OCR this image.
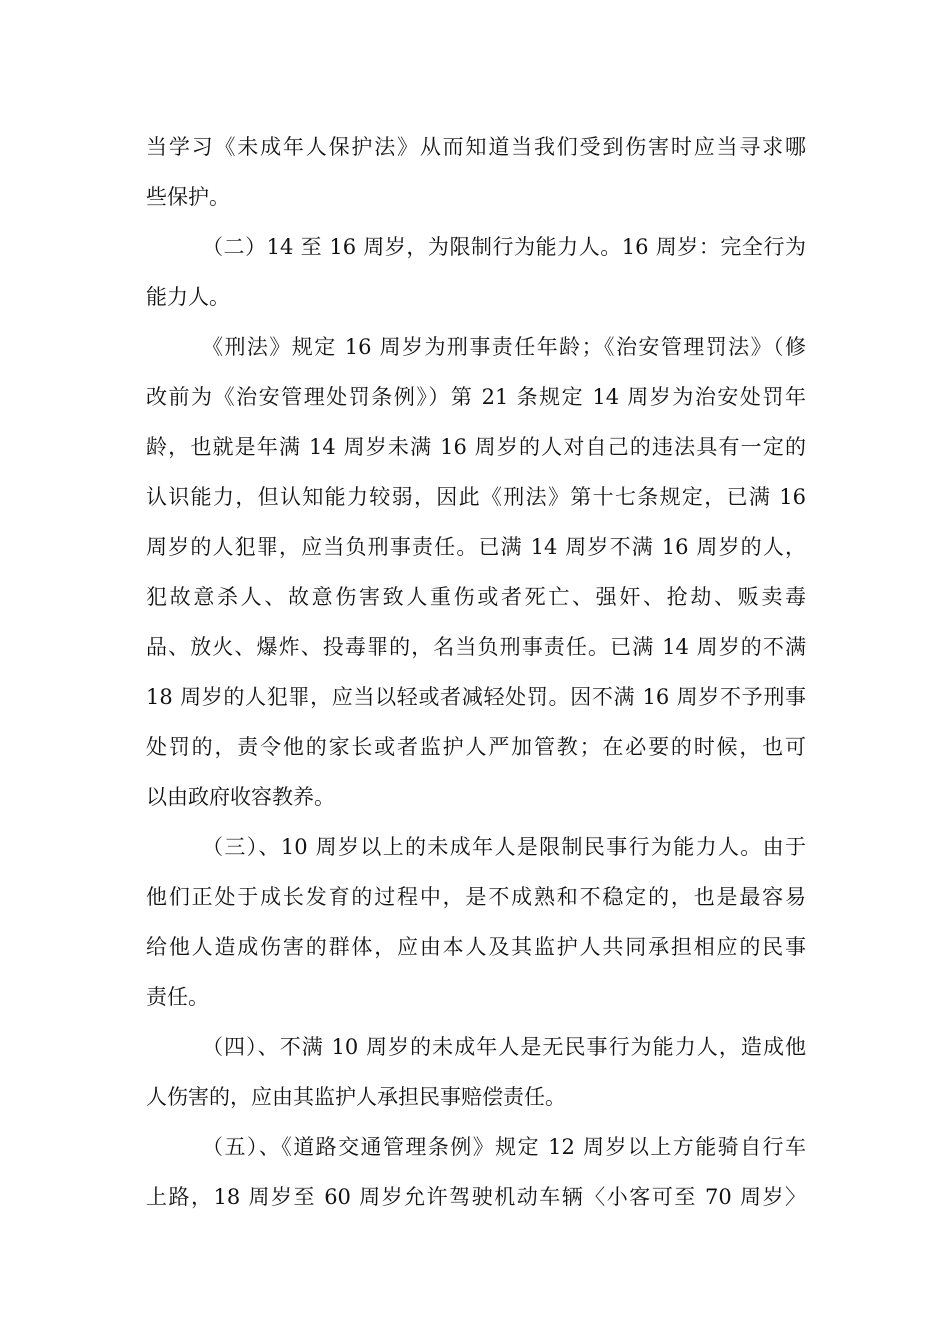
当学习《未成年人保护法》从而知道当我们受到伤害时应当寻求哪
些保护。
（二）14 至 16 周岁，为限制行为能力人。16 周岁：完全行为
能力人。
《刑法》规定 16 周岁为刑事责任年龄；《治安管理罚法》（修
改前为《治安管理处罚条例》）第 21 条规定 14 周岁为治安处罚年
龄，也就是年满 14 周岁未满 16 周岁的人对自己的违法具有一定的
认识能力，但认知能力较弱，因此《刑法》第十七条规定，已满 16
周岁的人犯罪，应当负刑事责任。已满 14 周岁不满 16 周岁的人，
犯故意杀人、故意伤害致人重伤或者死亡、强奸、抢劫、贩卖毒
品、放火、爆炸、投毒罪的，名当负刑事责任。已满 14 周岁的不满
18 周岁的人犯罪，应当以轻或者减轻处罚。因不满 16 周岁不予刑事
处罚的，责令他的家长或者监护人严加管教；在必要的时候，也可
以由政府收容教养。
（三）、10 周岁以上的未成年人是限制民事行为能力人。由于
他们正处于成长发育的过程中，是不成熟和不稳定的，也是最容易
给他人造成伤害的群体，应由本人及其监护人共同承担相应的民事
责任。
（四）、不满 10 周岁的未成年人是无民事行为能力人，造成他
人伤害的，应由其监护人承担民事赔偿责任。
（五）、《道路交通管理条例》规定 12 周岁以上方能骑自行车
上路，18 周岁至 60 周岁允许驾驶机动车辆〈小客可至 70 周岁〉
